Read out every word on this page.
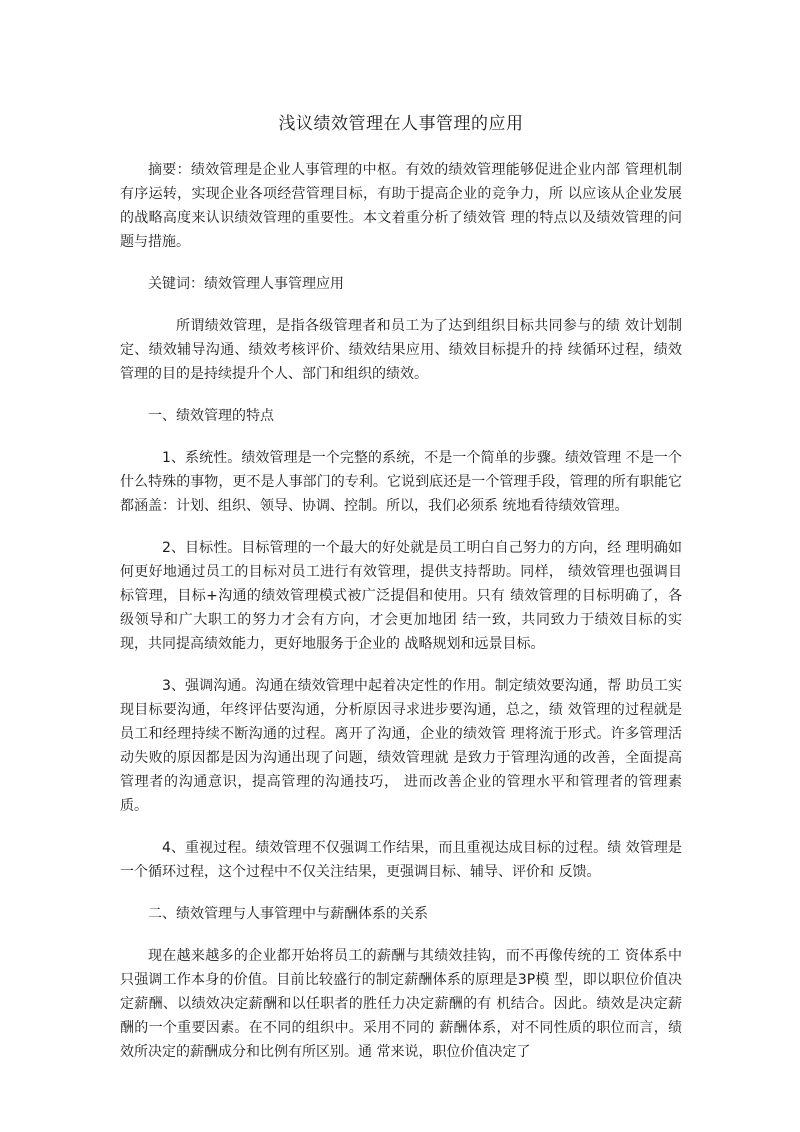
浅议绩效管理在人事管理的应用

摘要：绩效管理是企业人事管理的中枢。有效的绩效管理能够促进企业内部 管理机制有序运转，实现企业各项经营管理目标，有助于提高企业的竞争力，所 以应该从企业发展的战略高度来认识绩效管理的重要性。本文着重分析了绩效管 理的特点以及绩效管理的问题与措施。

关键词：绩效管理人事管理应用

所谓绩效管理，是指各级管理者和员工为了达到组织目标共同参与的绩 效计划制定、绩效辅导沟通、绩效考核评价、绩效结果应用、绩效目标提升的持 续循环过程，绩效管理的目的是持续提升个人、部门和组织的绩效。

一、绩效管理的特点

1、系统性。绩效管理是一个完整的系统，不是一个简单的步骤。绩效管理 不是一个什么特殊的事物，更不是人事部门的专利。它说到底还是一个管理手段，管理的所有职能它都涵盖：计划、组织、领导、协调、控制。所以，我们必须系 统地看待绩效管理。

2、目标性。目标管理的一个最大的好处就是员工明白自己努力的方向，经 理明确如何更好地通过员工的目标对员工进行有效管理，提供支持帮助。同样， 绩效管理也强调目标管理，目标+沟通的绩效管理模式被广泛提倡和使用。只有 绩效管理的目标明确了，各级领导和广大职工的努力才会有方向，才会更加地团 结一致，共同致力于绩效目标的实现，共同提高绩效能力，更好地服务于企业的 战略规划和远景目标。

3、强调沟通。沟通在绩效管理中起着决定性的作用。制定绩效要沟通，帮 助员工实现目标要沟通，年终评估要沟通，分析原因寻求进步要沟通，总之，绩 效管理的过程就是员工和经理持续不断沟通的过程。离开了沟通，企业的绩效管 理将流于形式。许多管理活动失败的原因都是因为沟通出现了问题，绩效管理就 是致力于管理沟通的改善，全面提高管理者的沟通意识，提高管理的沟通技巧， 进而改善企业的管理水平和管理者的管理素质。

4、重视过程。绩效管理不仅强调工作结果，而且重视达成目标的过程。绩 效管理是一个循环过程，这个过程中不仅关注结果，更强调目标、辅导、评价和 反馈。

二、绩效管理与人事管理中与薪酬体系的关系

现在越来越多的企业都开始将员工的薪酬与其绩效挂钩，而不再像传统的工 资体系中只强调工作本身的价值。目前比较盛行的制定薪酬体系的原理是3P模 型，即以职位价值决定薪酬、以绩效决定薪酬和以任职者的胜任力决定薪酬的有 机结合。因此。绩效是决定薪酬的一个重要因素。在不同的组织中。采用不同的 薪酬体系，对不同性质的职位而言，绩效所决定的薪酬成分和比例有所区别。通 常来说，职位价值决定了
